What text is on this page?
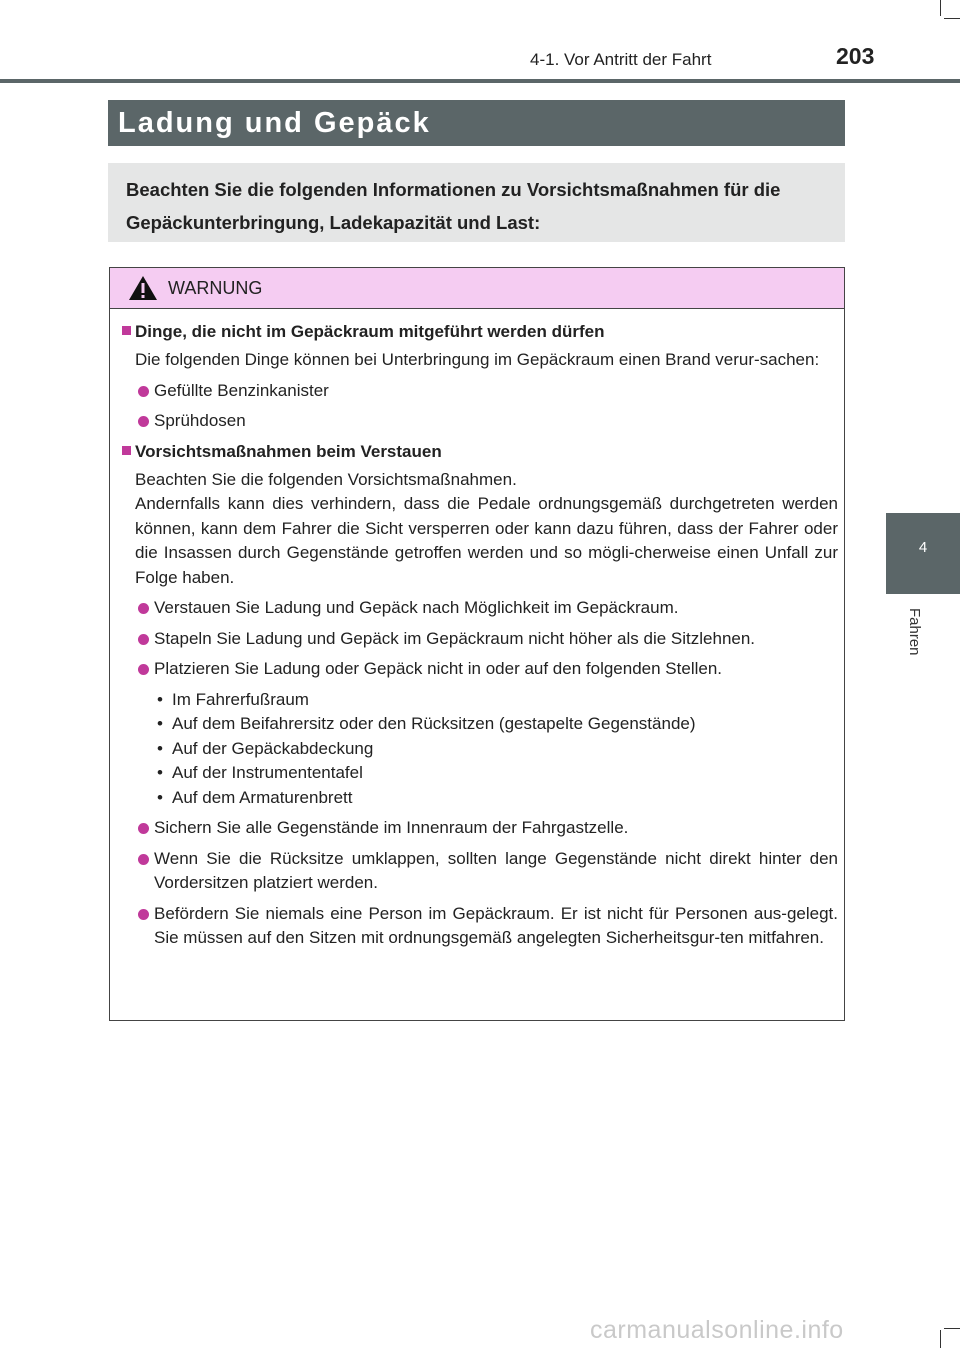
4-1. Vor Antritt der Fahrt	203
4
Fahren
Ladung und Gepäck
Beachten Sie die folgenden Informationen zu Vorsichtsmaßnahmen für die Gepäckunterbringung, Ladekapazität und Last:
WARNUNG
Dinge, die nicht im Gepäckraum mitgeführt werden dürfen
Die folgenden Dinge können bei Unterbringung im Gepäckraum einen Brand verur-sachen:
Gefüllte Benzinkanister
Sprühdosen
Vorsichtsmaßnahmen beim Verstauen
Beachten Sie die folgenden Vorsichtsmaßnahmen.
Andernfalls kann dies verhindern, dass die Pedale ordnungsgemäß durchgetreten werden können, kann dem Fahrer die Sicht versperren oder kann dazu führen, dass der Fahrer oder die Insassen durch Gegenstände getroffen werden und so mögli-cherweise einen Unfall zur Folge haben.
Verstauen Sie Ladung und Gepäck nach Möglichkeit im Gepäckraum.
Stapeln Sie Ladung und Gepäck im Gepäckraum nicht höher als die Sitzlehnen.
Platzieren Sie Ladung oder Gepäck nicht in oder auf den folgenden Stellen.
• Im Fahrerfußraum
• Auf dem Beifahrersitz oder den Rücksitzen (gestapelte Gegenstände)
• Auf der Gepäckabdeckung
• Auf der Instrumententafel
• Auf dem Armaturenbrett
Sichern Sie alle Gegenstände im Innenraum der Fahrgastzelle.
Wenn Sie die Rücksitze umklappen, sollten lange Gegenstände nicht direkt hinter den Vordersitzen platziert werden.
Befördern Sie niemals eine Person im Gepäckraum. Er ist nicht für Personen aus-gelegt. Sie müssen auf den Sitzen mit ordnungsgemäß angelegten Sicherheitsgur-ten mitfahren.
carmanualsonline.info
